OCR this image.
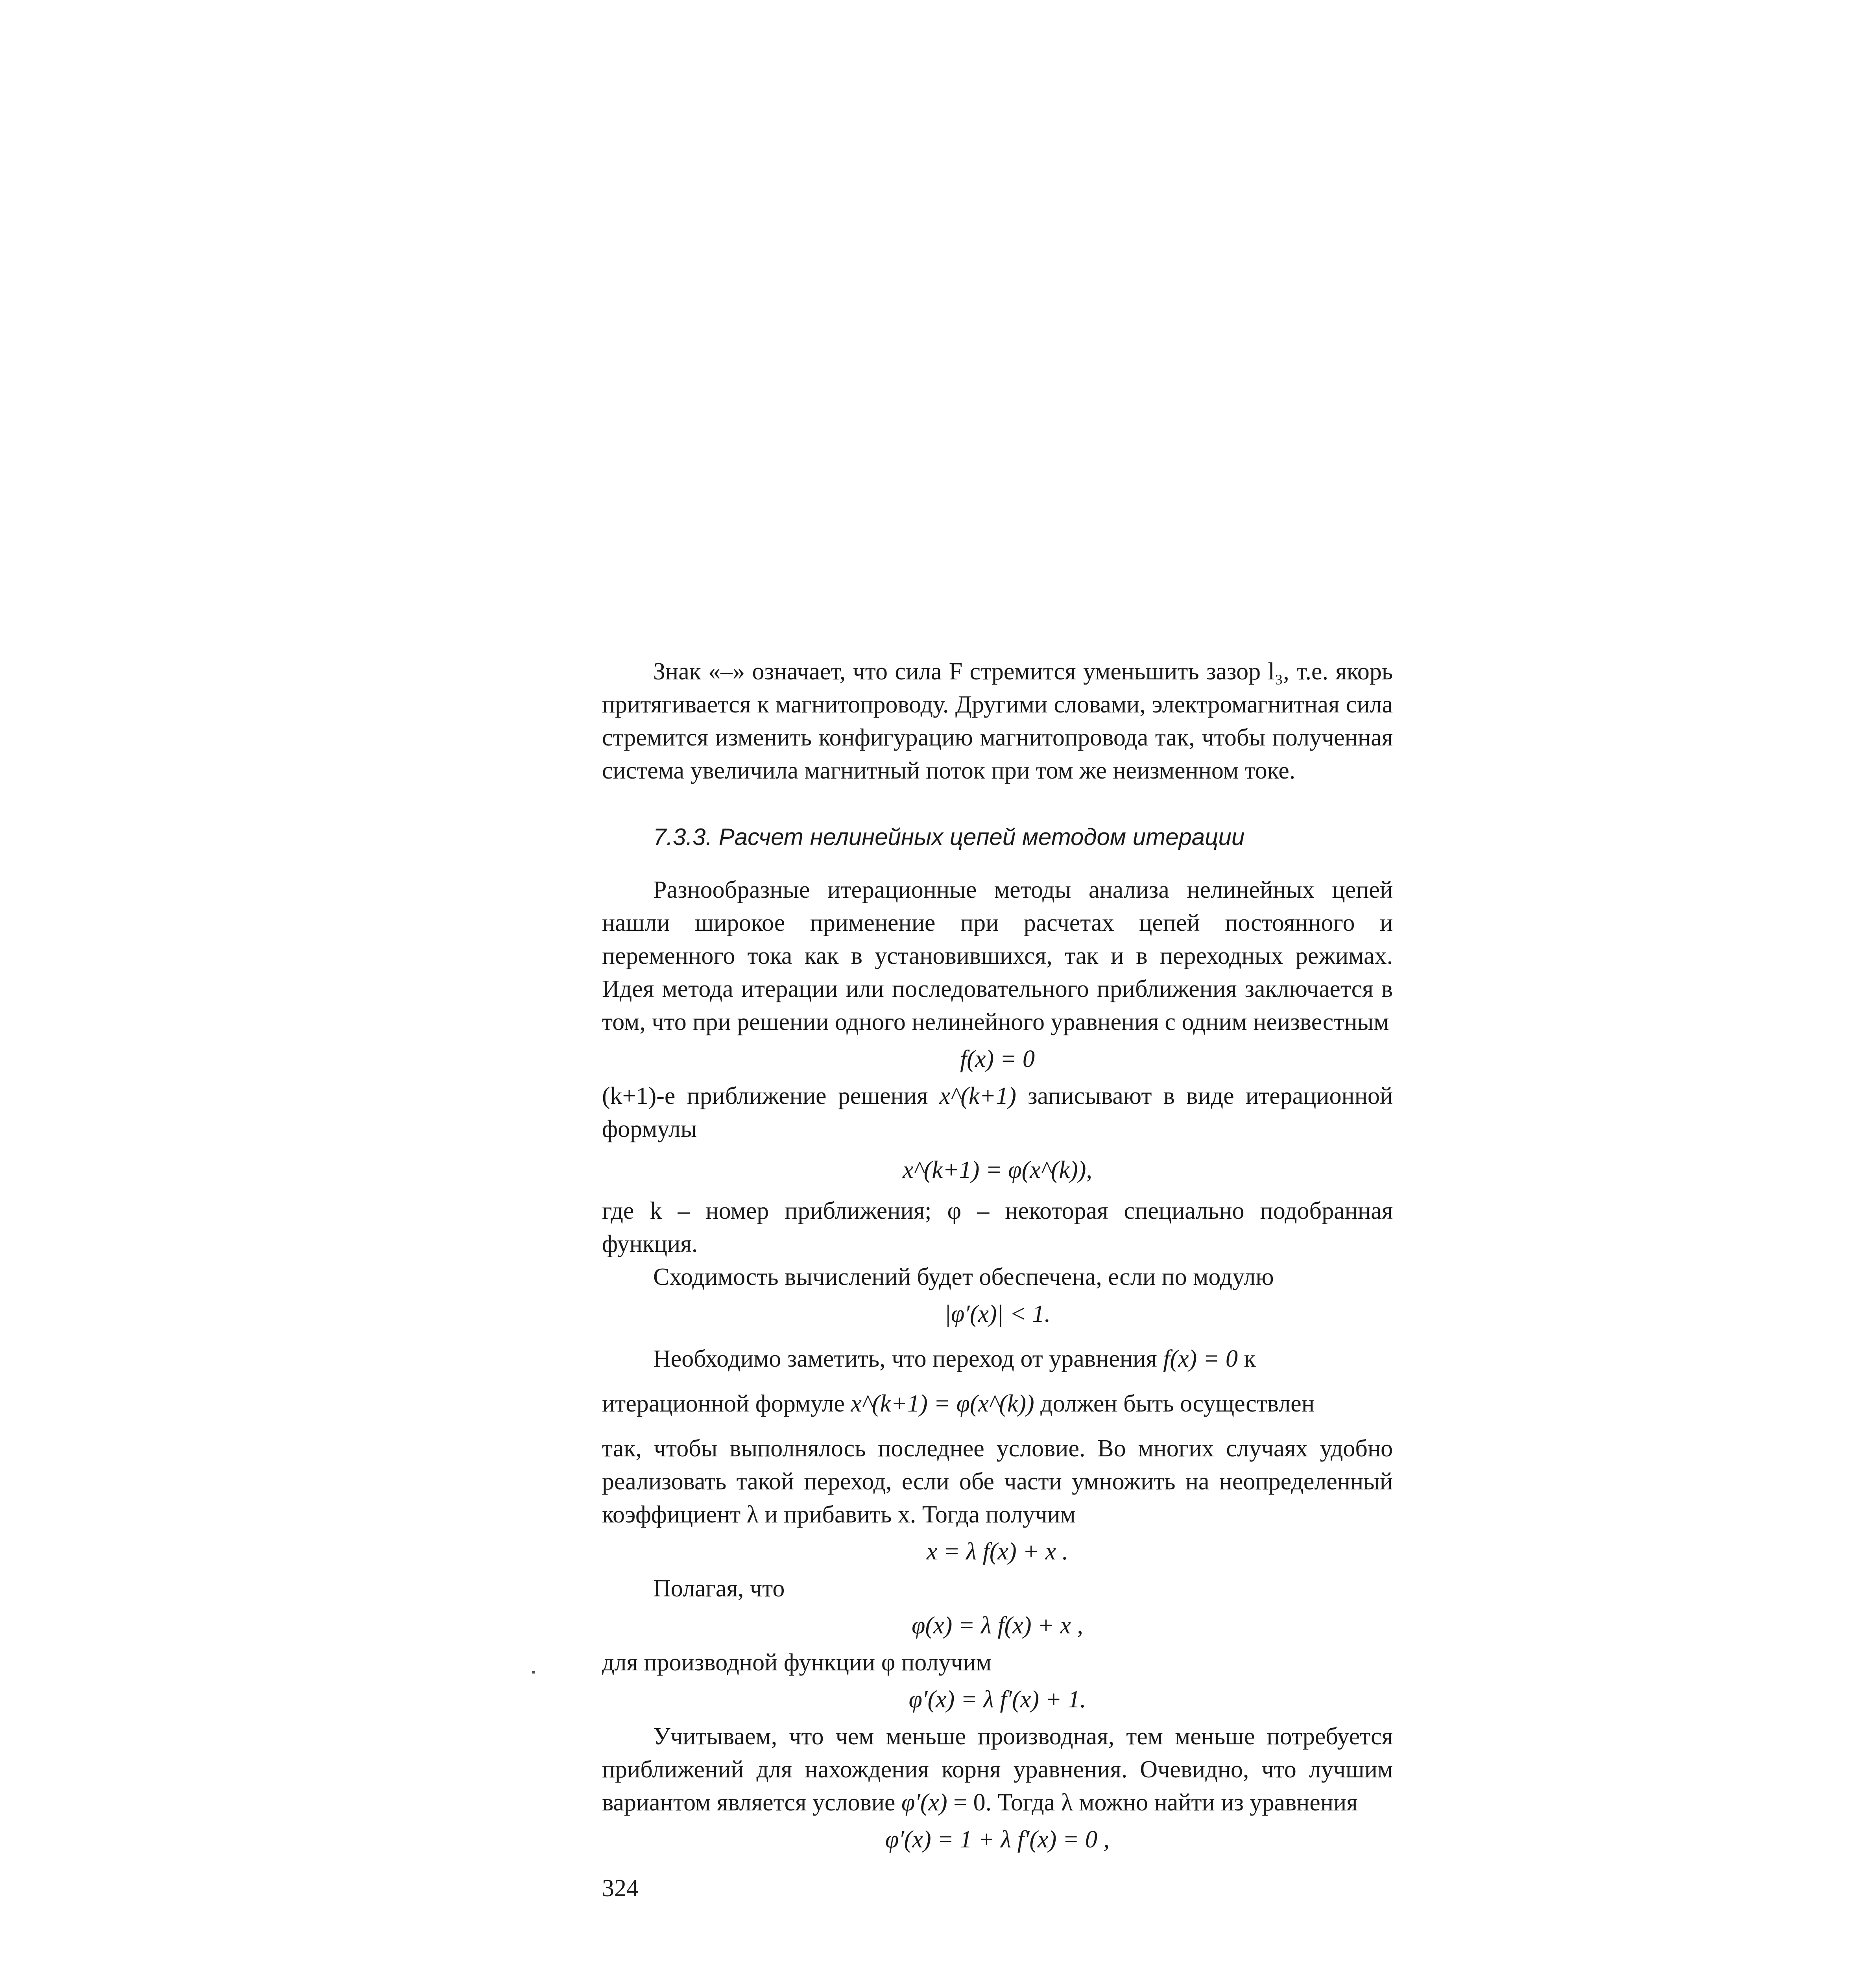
Знак «–» означает, что сила F стремится уменьшить зазор l₃, т.е. якорь притягивается к магнитопроводу. Другими словами, электромагнитная сила стремится изменить конфигурацию магнитопровода так, чтобы полученная система увеличила магнитный поток при том же неизменном токе.

7.3.3. Расчет нелинейных цепей методом итерации

Разнообразные итерационные методы анализа нелинейных цепей нашли широкое применение при расчетах цепей постоянного и переменного тока как в установившихся, так и в переходных режимах. Идея метода итерации или последовательного приближения заключается в том, что при решении одного нелинейного уравнения с одним неизвестным

f(x) = 0

(k+1)-е приближение решения x^(k+1) записывают в виде итерационной формулы

x^(k+1) = φ(x^(k)),

где k – номер приближения; φ – некоторая специально подобранная функция.

Сходимость вычислений будет обеспечена, если по модулю

|φ′(x)| < 1.

Необходимо заметить, что переход от уравнения f(x) = 0 к

итерационной формуле x^(k+1) = φ(x^(k)) должен быть осуществлен

так, чтобы выполнялось последнее условие. Во многих случаях удобно реализовать такой переход, если обе части умножить на неопределенный коэффициент λ и прибавить x. Тогда получим

x = λ f(x) + x .

Полагая, что

φ(x) = λ f(x) + x ,

для производной функции φ получим

φ′(x) = λ f′(x) + 1.

Учитываем, что чем меньше производная, тем меньше потребуется приближений для нахождения корня уравнения. Очевидно, что лучшим вариантом является условие φ′(x) = 0. Тогда λ можно найти из уравнения

φ′(x) = 1 + λ f′(x) = 0 ,
324
